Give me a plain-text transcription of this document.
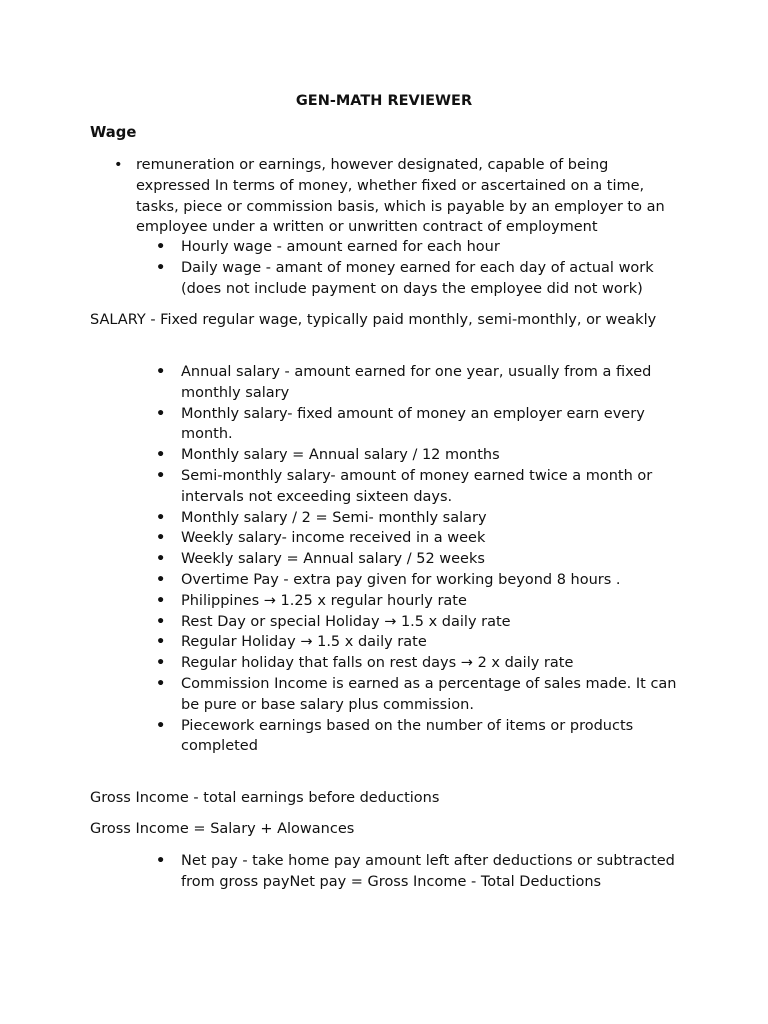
GEN-MATH REVIEWER
Wage
• remuneration or earnings, however designated, capable of being expressed In terms of money, whether fixed or ascertained on a time, tasks, piece or commission basis, which is payable by an employer to an employee under a written or unwritten contract of employment
• Hourly wage - amount earned for each hour
• Daily wage - amant of money earned for each day of actual work (does not include payment on days the employee did not work)

SALARY - Fixed regular wage, typically paid monthly, semi-monthly, or weakly

• Annual salary - amount earned for one year, usually from a fixed monthly salary
• Monthly salary- fixed amount of money an employer earn every month.
• Monthly salary = Annual salary / 12 months
• Semi-monthly salary- amount of money earned twice a month or intervals not exceeding sixteen days.
• Monthly salary / 2 = Semi- monthly salary
• Weekly salary- income received in a week
• Weekly salary = Annual salary / 52 weeks
• Overtime Pay - extra pay given for working beyond 8 hours .
• Philippines → 1.25 x regular hourly rate
• Rest Day or special Holiday → 1.5 x daily rate
• Regular Holiday → 1.5 x daily rate
• Regular holiday that falls on rest days → 2 x daily rate
• Commission Income is earned as a percentage of sales made. It can be pure or base salary plus commission.
• Piecework earnings based on the number of items or products completed

Gross Income - total earnings before deductions

Gross Income = Salary + Alowances

• Net pay - take home pay amount left after deductions or subtracted from gross payNet pay = Gross Income - Total Deductions
